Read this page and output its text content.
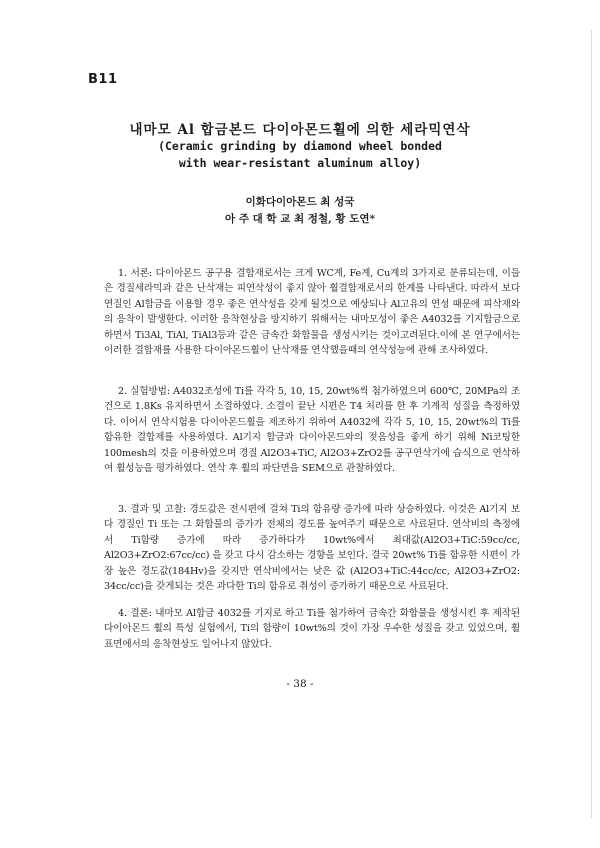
B11
내마모 Al 합금본드 다이아몬드휠에 의한 세라믹연삭
(Ceramic grinding by diamond wheel bonded
with wear-resistant aluminum alloy)
이화다이아몬드 최 성국
아 주 대 학 교 최 정철, 황 도연*

1. 서론: 다이아몬드 공구용 결합재로서는 크게 WC계, Fe계, Cu계의 3가지로 분류되는데, 이들은 경질세라믹과 같은 난삭재는 피연삭성이 좋지 않아 휠결합재로서의 한계를 나타낸다. 따라서 보다 연질인 Al합금을 이용할 경우 좋은 연삭성을 갖게 될것으로 예상되나 Al고유의 연성 때문에 피삭재와의 응착이 발생한다. 이러한 응착현상을 방지하기 위해서는 내마모성이 좋은 A4032를 기지합금으로 하면서 Ti3Al, TiAl, TiAl3등과 같은 금속간 화합물을 생성시키는 것이고려된다.이에 본 연구에서는 이러한 결합재를 사용한 다이아몬드휠이 난삭재를 연삭했을때의 연삭성능에 관해 조사하였다.

2. 실험방법: A4032조성에 Ti를 각각 5, 10, 15, 20wt%씩 첨가하였으며 600℃, 20MPa의 조건으로 1.8Ks 유지하면서 소결하였다. 소결이 끝난 시편은 T4 처리를 한 후 기계적 성질을 측정하였다. 이어서 연삭시험용 다이아몬드휠을 제조하기 위하여 A4032에 각각 5, 10, 15, 20wt%의 Ti를 함유한 결합제를 사용하였다. Al기지 합금과 다이아몬드와의 젖음성을 좋게 하기 위해 Ni코팅한 100mesh의 것을 이용하였으며 경질 Al2O3+TiC, Al2O3+ZrO2를 공구연삭기에 습식으로 연삭하여 휠성능을 평가하였다. 연삭 후 휠의 파단면을 SEM으로 관찰하였다.

3. 결과 및 고찰: 경도값은 전시편에 걸쳐 Ti의 함유량 증가에 따라 상승하였다. 이것은 Al기지 보다 경질인 Ti 또는 그 화합물의 증가가 전체의 경도를 높여주기 때문으로 사료된다. 연삭비의 측정에서 Ti함량 증가에 따라 증가하다가 10wt%에서 최대값(Al2O3+TiC:59cc/cc, Al2O3+ZrO2:67cc/cc) 을 갖고 다시 감소하는 경향을 보인다. 결국 20wt% Ti를 함유한 시편이 가장 높은 경도값(184Hv)을 갖지만 연삭비에서는 낮은 값 (Al2O3+TiC:44cc/cc, Al2O3+ZrO2: 34cc/cc)을 갖게되는 것은 과다한 Ti의 함유로 취성이 증가하기 때문으로 사료된다.

4. 결론: 내마모 Al합금 4032를 기지로 하고 Ti를 첨가하여 금속간 화합물을 생성시킨 후 제작된 다이아몬드 휠의 특성 실험에서, Ti의 함량이 10wt%의 것이 가장 우수한 성질을 갖고 있었으며, 휠 표면에서의 응착현상도 일어나지 않았다.

- 38 -
